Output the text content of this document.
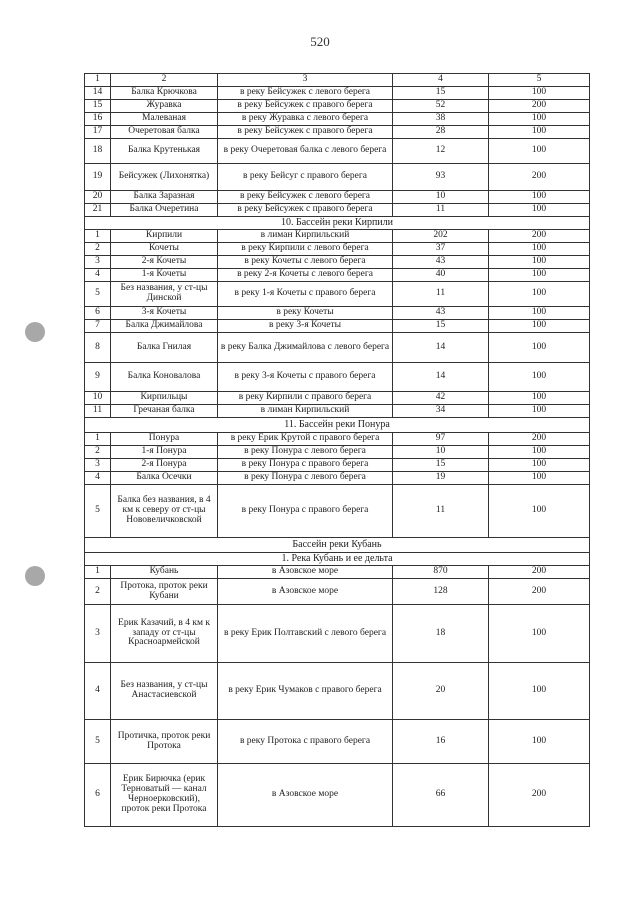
520
1	2	3	4	5
14	Балка Крючкова	в реку Бейсужек с левого берега	15	100
15	Журавка	в реку Бейсужек с правого берега	52	200
16	Малеваная	в реку Журавка с левого берега	38	100
17	Очеретовая балка	в реку Бейсужек с правого берега	28	100
18	Балка Крутенькая	в реку Очеретовая балка с левого берега	12	100
19	Бейсужек (Лихонятка)	в реку Бейсуг с правого берега	93	200
20	Балка Заразная	в реку Бейсужек с левого берега	10	100
21	Балка Очеретина	в реку Бейсужек с правого берега	11	100
10. Бассейн реки Кирпили				
1	Кирпили	в лиман Кирпильский	202	200
2	Кочеты	в реку Кирпили с левого берега	37	100
3	2-я Кочеты	в реку Кочеты с левого берега	43	100
4	1-я Кочеты	в реку 2-я Кочеты с левого берега	40	100
5	Без названия, у ст-цы Динской	в реку 1-я Кочеты с правого берега	11	100
6	3-я Кочеты	в реку Кочеты	43	100
7	Балка Джимайлова	в реку 3-я Кочеты	15	100
8	Балка Гнилая	в реку Балка Джимайлова с левого берега	14	100
9	Балка Коновалова	в реку 3-я Кочеты с правого берега	14	100
10	Кирпильцы	в реку Кирпили с правого берега	42	100
11	Гречаная балка	в лиман Кирпильский	34	100
11. Бассейн реки Понура				
1	Понура	в реку Ерик Крутой с правого берега	97	200
2	1-я Понура	в реку Понура с левого берега	10	100
3	2-я Понура	в реку Понура с правого берега	15	100
4	Балка Осечки	в реку Понура с левого берега	19	100
5	Балка без названия, в 4 км к северу от ст-цы Нововеличковской	в реку Понура с правого берега	11	100
Бассейн реки Кубань				
1. Река Кубань и ее дельта				
1	Кубань	в Азовское море	870	200
2	Протока, проток реки Кубани	в Азовское море	128	200
3	Ерик Казачий, в 4 км к западу от ст-цы Красноармейской	в реку Ерик Полтавский с левого берега	18	100
4	Без названия, у ст-цы Анастасиевской	в реку Ерик Чумаков с правого берега	20	100
5	Протичка, проток реки Протока	в реку Протока с правого берега	16	100
6	Ерик Бирючка (ерик Терноватый — канал Черноерковский), проток реки Протока	в Азовское море	66	200
